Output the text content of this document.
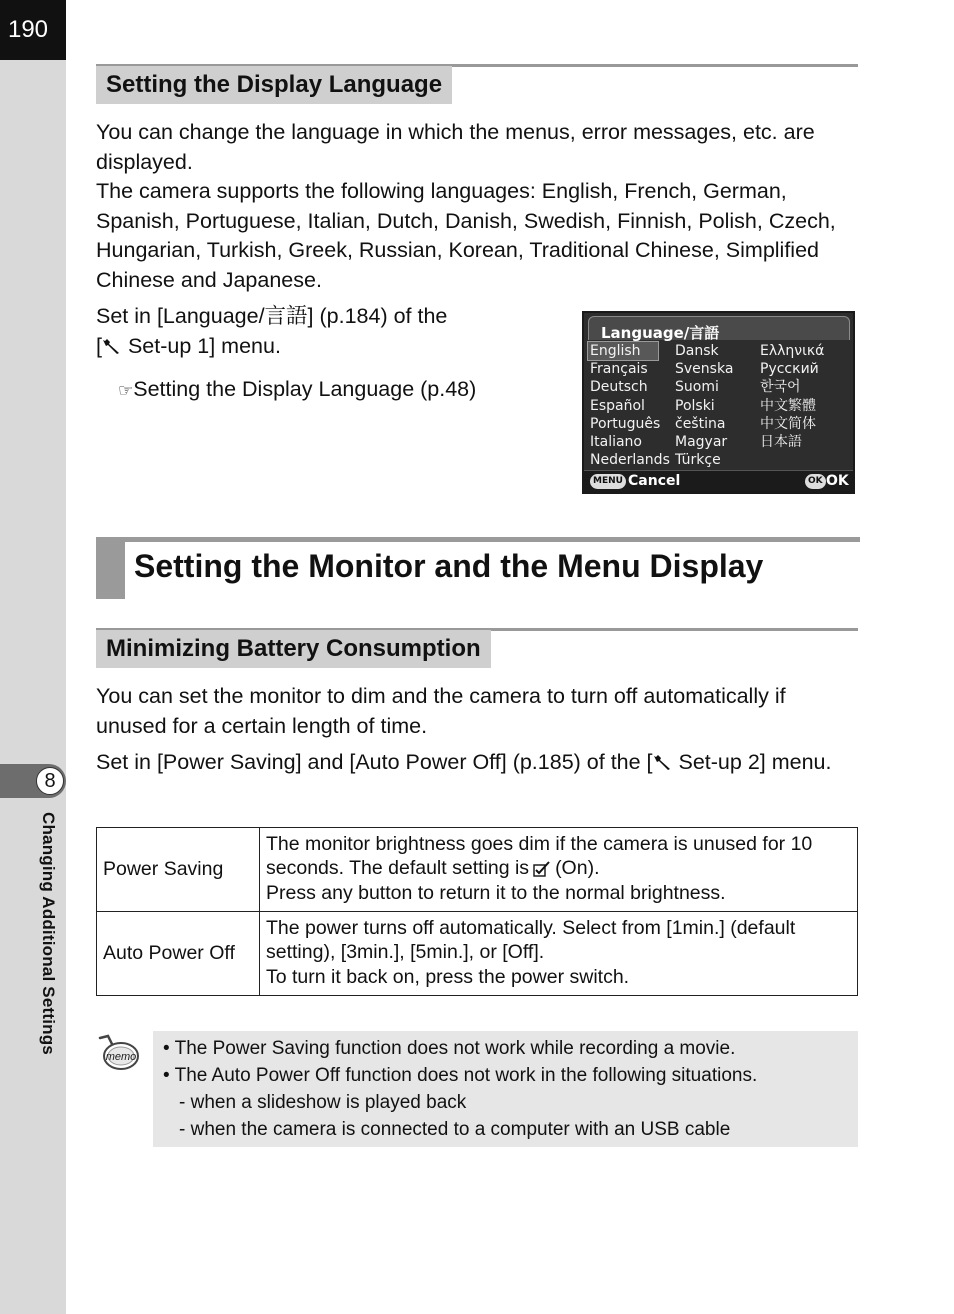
190
8
Changing Additional Settings
Setting the Display Language
You can change the language in which the menus, error messages, etc. are displayed.
The camera supports the following languages: English, French, German, Spanish, Portuguese, Italian, Dutch, Danish, Swedish, Finnish, Polish, Czech, Hungarian, Turkish, Greek, Russian, Korean, Traditional Chinese, Simplified Chinese and Japanese.
Set in [Language/言語] (p.184) of the
[ Set-up 1] menu.
☞Setting the Display Language (p.48)
Language/言語
English
Français
Deutsch
Español
Português
Italiano
Nederlands
Dansk
Svenska
Suomi
Polski
čeština
Magyar
Türkçe
Ελληνικά
Русский
한국어
中文繁體
中文简体
日本語
MENU Cancel	OK OK
Setting the Monitor and the Menu Display
Minimizing Battery Consumption
You can set the monitor to dim and the camera to turn off automatically if unused for a certain length of time.
Set in [Power Saving] and [Auto Power Off] (p.185) of the [ Set-up 2] menu.
Power Saving	The monitor brightness goes dim if the camera is unused for 10 seconds. The default setting is (On).
Press any button to return it to the normal brightness.
Auto Power Off	The power turns off automatically. Select from [1min.] (default setting), [3min.], [5min.], or [Off].
To turn it back on, press the power switch.
memo • The Power Saving function does not work while recording a movie.
• The Auto Power Off function does not work in the following situations.
- when a slideshow is played back
- when the camera is connected to a computer with an USB cable
